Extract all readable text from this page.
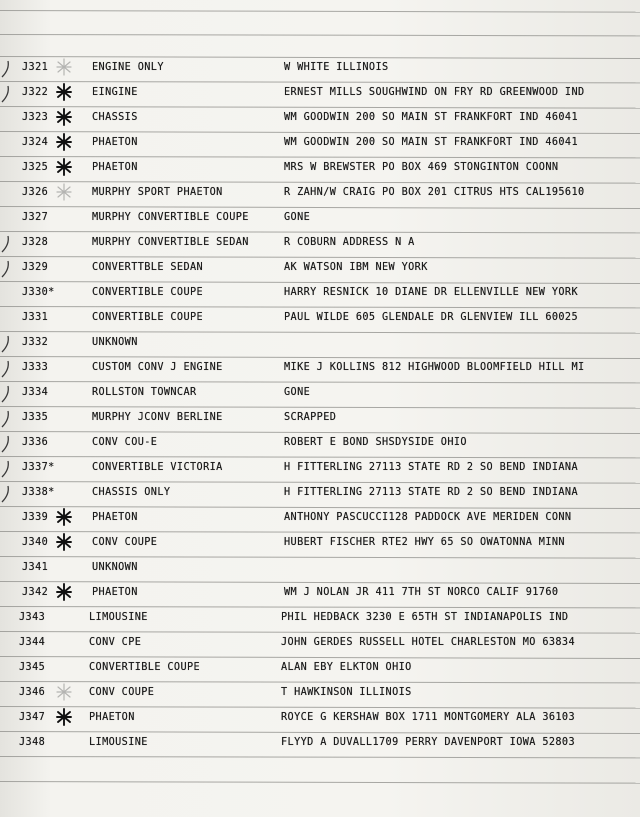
J321	ENGINE ONLY	W WHITE ILLINOIS
J322	EINGINE	ERNEST MILLS SOUGHWIND ON FRY RD GREENWOOD IND
J323	CHASSIS	WM GOODWIN 200 SO MAIN ST FRANKFORT IND 46041
J324	PHAETON	WM GOODWIN 200 SO MAIN ST FRANKFORT IND 46041
J325	PHAETON	MRS W BREWSTER PO BOX 469 STONGINTON COONN
J326	MURPHY SPORT PHAETON	R ZAHN/W CRAIG PO BOX 201 CITRUS HTS CAL195610
J327	MURPHY CONVERTIBLE COUPE	GONE
J328	MURPHY CONVERTIBLE SEDAN	R COBURN ADDRESS N A
J329	CONVERTTBLE SEDAN	AK WATSON IBM NEW YORK
J330*	CONVERTIBLE COUPE	HARRY RESNICK 10 DIANE DR ELLENVILLE NEW YORK
J331	CONVERTIBLE COUPE	PAUL WILDE 605 GLENDALE DR GLENVIEW ILL 60025
J332	UNKNOWN
J333	CUSTOM CONV J ENGINE	MIKE J KOLLINS 812 HIGHWOOD BLOOMFIELD HILL MI
J334	ROLLSTON TOWNCAR	GONE
J335	MURPHY JCONV BERLINE	SCRAPPED
J336	CONV COU-E	ROBERT E BOND SHSDYSIDE OHIO
J337*	CONVERTIBLE VICTORIA	H FITTERLING 27113 STATE RD 2 SO BEND INDIANA
J338*	CHASSIS ONLY	H FITTERLING 27113 STATE RD 2 SO BEND INDIANA
J339	PHAETON	ANTHONY PASCUCCI128 PADDOCK AVE MERIDEN CONN
J340	CONV COUPE	HUBERT FISCHER RTE2 HWY 65 SO OWATONNA MINN
J341	UNKNOWN
J342	PHAETON	WM J NOLAN JR 411 7TH ST NORCO CALIF 91760
J343	LIMOUSINE	PHIL HEDBACK 3230 E 65TH ST INDIANAPOLIS IND
J344	CONV CPE	JOHN GERDES RUSSELL HOTEL CHARLESTON MO 63834
J345	CONVERTIBLE COUPE	ALAN EBY ELKTON OHIO
J346	CONV COUPE	T HAWKINSON ILLINOIS
J347	PHAETON	ROYCE G KERSHAW BOX 1711 MONTGOMERY ALA 36103
J348	LIMOUSINE	FLYYD A DUVALL1709 PERRY DAVENPORT IOWA 52803
